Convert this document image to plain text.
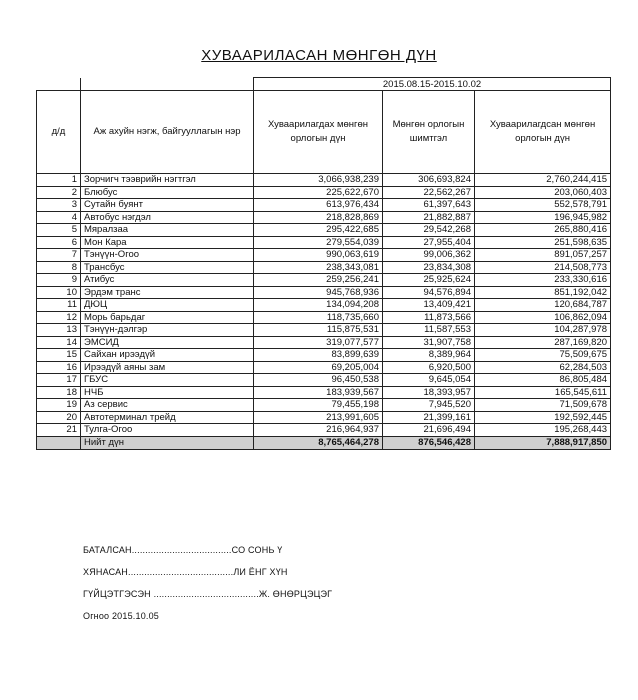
ХУВААРИЛАСАН МӨНГӨН ДҮН
		2015.08.15-2015.10.02		
д/д	Аж ахуйн нэгж, байгууллагын нэр	Хуваарилагдах мөнгөн орлогын дүн	Мөнгөн орлогын шимтгэл	Хуваарилагдсан мөнгөн орлогын дүн
1	Зорчигч тээврийн нэгтгэл	3,066,938,239	306,693,824	2,760,244,415
2	Блюбус	225,622,670	22,562,267	203,060,403
3	Сутайн буянт	613,976,434	61,397,643	552,578,791
4	Автобус нэгдэл	218,828,869	21,882,887	196,945,982
5	Мяралзаа	295,422,685	29,542,268	265,880,416
6	Мон Кара	279,554,039	27,955,404	251,598,635
7	Тэнүүн-Огоо	990,063,619	99,006,362	891,057,257
8	Трансбус	238,343,081	23,834,308	214,508,773
9	Атибус	259,256,241	25,925,624	233,330,616
10	Эрдэм транс	945,768,936	94,576,894	851,192,042
11	ДЮЦ	134,094,208	13,409,421	120,684,787
12	Морь барьдаг	118,735,660	11,873,566	106,862,094
13	Тэнүүн-дэлгэр	115,875,531	11,587,553	104,287,978
14	ЭМСИД	319,077,577	31,907,758	287,169,820
15	Сайхан ирээдүй	83,899,639	8,389,964	75,509,675
16	Ирээдүй аяны зам	69,205,004	6,920,500	62,284,503
17	ГБУС	96,450,538	9,645,054	86,805,484
18	НЧБ	183,939,567	18,393,957	165,545,611
19	Аз сервис	79,455,198	7,945,520	71,509,678
20	Автотерминал трейд	213,991,605	21,399,161	192,592,445
21	Тулга-Огоо	216,964,937	21,696,494	195,268,443
	Нийт дүн	8,765,464,278	876,546,428	7,888,917,850
БАТАЛСАН.....................................СО СОНЬ Ү
ХЯНАСАН.......................................ЛИ ЁНГ ХҮН
ГҮЙЦЭТГЭСЭН .......................................Ж. ӨНӨРЦЭЦЭГ
Огноо 2015.10.05
